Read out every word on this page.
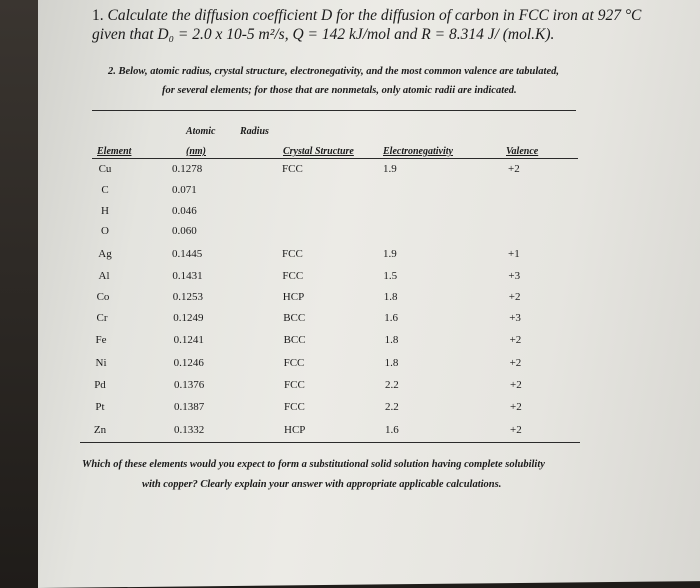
1. Calculate the diffusion coefficient D for the diffusion of carbon in FCC iron at 927 °C
given that D₀ = 2.0 x 10-5 m²/s, Q = 142 kJ/mol and R = 8.314 J/ (mol.K).
2. Below, atomic radius, crystal structure, electronegativity, and the most common valence are tabulated,
for several elements; for those that are nonmetals, only atomic radii are indicated.
Atomic Radius
Element	(nm)	Crystal Structure	Electronegativity	Valence
Cu	0.1278	FCC	1.9	+2
C	0.071
H	0.046
O	0.060
Ag	0.1445	FCC	1.9	+1
Al	0.1431	FCC	1.5	+3
Co	0.1253	HCP	1.8	+2
Cr	0.1249	BCC	1.6	+3
Fe	0.1241	BCC	1.8	+2
Ni	0.1246	FCC	1.8	+2
Pd	0.1376	FCC	2.2	+2
Pt	0.1387	FCC	2.2	+2
Zn	0.1332	HCP	1.6	+2
Which of these elements would you expect to form a substitutional solid solution having complete solubility
with copper? Clearly explain your answer with appropriate applicable calculations.
